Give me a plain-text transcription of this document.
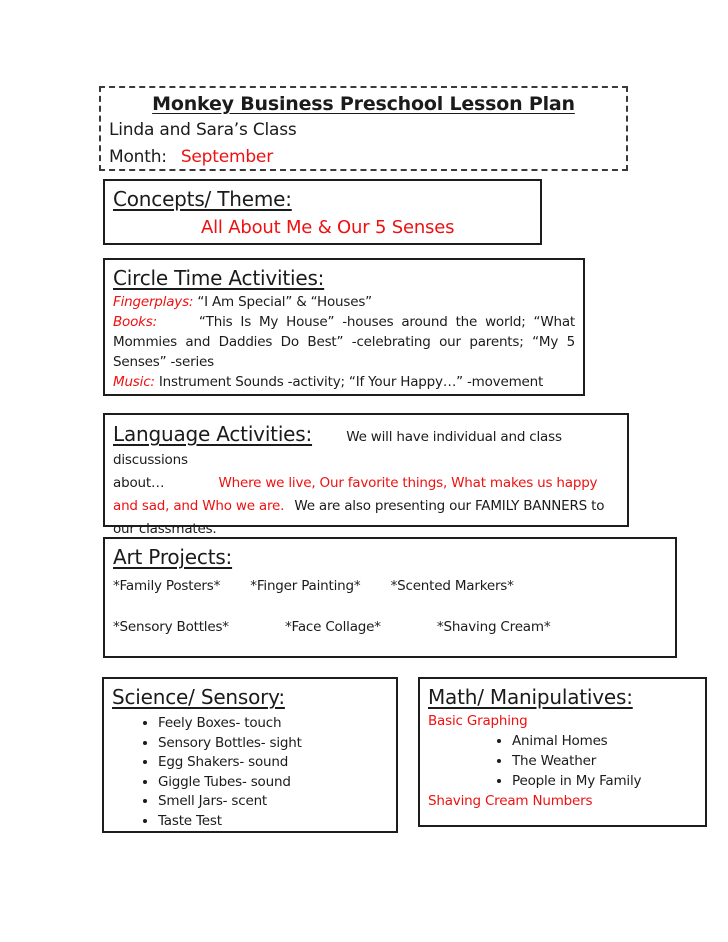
Monkey Business Preschool Lesson Plan
Linda and Sara’s Class
Month: September
Concepts/ Theme:
All About Me & Our 5 Senses
Circle Time Activities:

Fingerplays: “I Am Special” & “Houses”

Books:	“This Is My House” -houses around the world; “What Mommies and Daddies Do Best” -celebrating our parents; “My 5 Senses” -series

Music: Instrument Sounds -activity; “If Your Happy…” -movement

Language Activities:	We will have individual and class discussions
about…	Where we live, Our favorite things, What makes us happy and sad, and Who we are. We are also presenting our FAMILY BANNERS to our classmates.

Art Projects:
*Family Posters* *Finger Painting* *Scented Markers*
*Sensory Bottles*	*Face Collage*	*Shaving Cream*
Science/ Sensory:
• Feely Boxes- touch
• Sensory Bottles- sight
• Egg Shakers- sound
• Giggle Tubes- sound
• Smell Jars- scent
• Taste Test
Math/ Manipulatives:
Basic Graphing
• Animal Homes
• The Weather
• People in My Family
Shaving Cream Numbers
